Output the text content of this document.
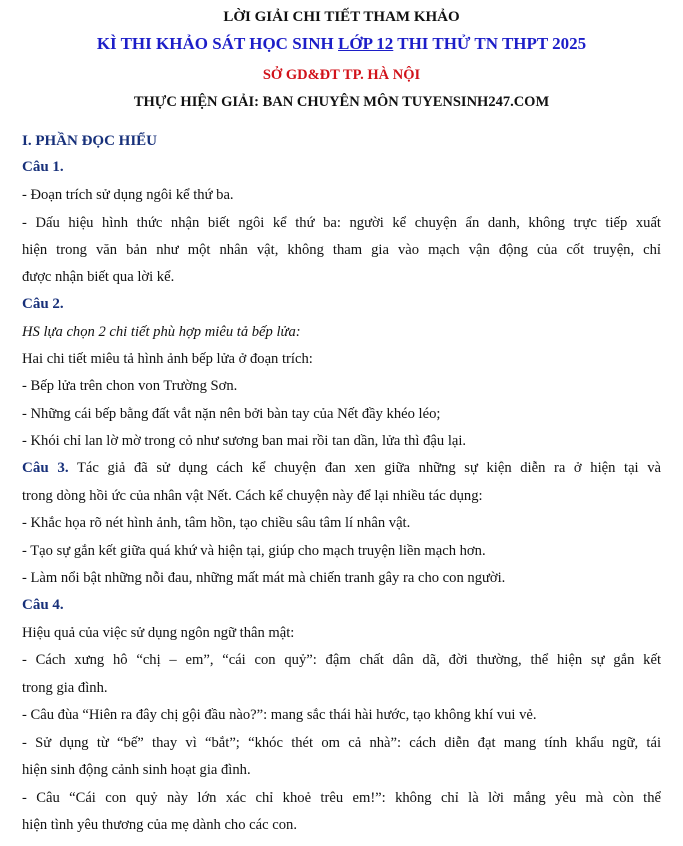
LỜI GIẢI CHI TIẾT THAM KHẢO
KÌ THI KHẢO SÁT HỌC SINH LỚP 12 THI THỬ TN THPT 2025
SỞ GD&ĐT TP. HÀ NỘI
THỰC HIỆN GIẢI: BAN CHUYÊN MÔN TUYENSINH247.COM
I. PHẦN ĐỌC HIỂU
Câu 1.
- Đoạn trích sử dụng ngôi kể thứ ba.
- Dấu hiệu hình thức nhận biết ngôi kể thứ ba: người kể chuyện ẩn danh, không trực tiếp xuất
hiện trong văn bản như một nhân vật, không tham gia vào mạch vận động của cốt truyện, chỉ
được nhận biết qua lời kể.
Câu 2.
HS lựa chọn 2 chi tiết phù hợp miêu tả bếp lửa:
Hai chi tiết miêu tả hình ảnh bếp lửa ở đoạn trích:
- Bếp lửa trên chon von Trường Sơn.
- Những cái bếp bằng đất vắt nặn nên bởi bàn tay của Nết đầy khéo léo;
- Khói chỉ lan lờ mờ trong cỏ như sương ban mai rồi tan dần, lửa thì đậu lại.
Câu 3. Tác giả đã sử dụng cách kể chuyện đan xen giữa những sự kiện diễn ra ở hiện tại và
trong dòng hồi ức của nhân vật Nết. Cách kể chuyện này để lại nhiều tác dụng:
- Khắc họa rõ nét hình ảnh, tâm hồn, tạo chiều sâu tâm lí nhân vật.
- Tạo sự gắn kết giữa quá khứ và hiện tại, giúp cho mạch truyện liền mạch hơn.
- Làm nổi bật những nỗi đau, những mất mát mà chiến tranh gây ra cho con người.
Câu 4.
Hiệu quả của việc sử dụng ngôn ngữ thân mật:
- Cách xưng hô “chị – em”, “cái con quỷ”: đậm chất dân dã, đời thường, thể hiện sự gắn kết
trong gia đình.
- Câu đùa “Hiên ra đây chị gội đầu nào?”: mang sắc thái hài hước, tạo không khí vui vẻ.
- Sử dụng từ “bế” thay vì “bắt”; “khóc thét om cả nhà”: cách diễn đạt mang tính khẩu ngữ, tái
hiện sinh động cảnh sinh hoạt gia đình.
- Câu “Cái con quỷ này lớn xác chỉ khoẻ trêu em!”: không chỉ là lời mắng yêu mà còn thể
hiện tình yêu thương của mẹ dành cho các con.
